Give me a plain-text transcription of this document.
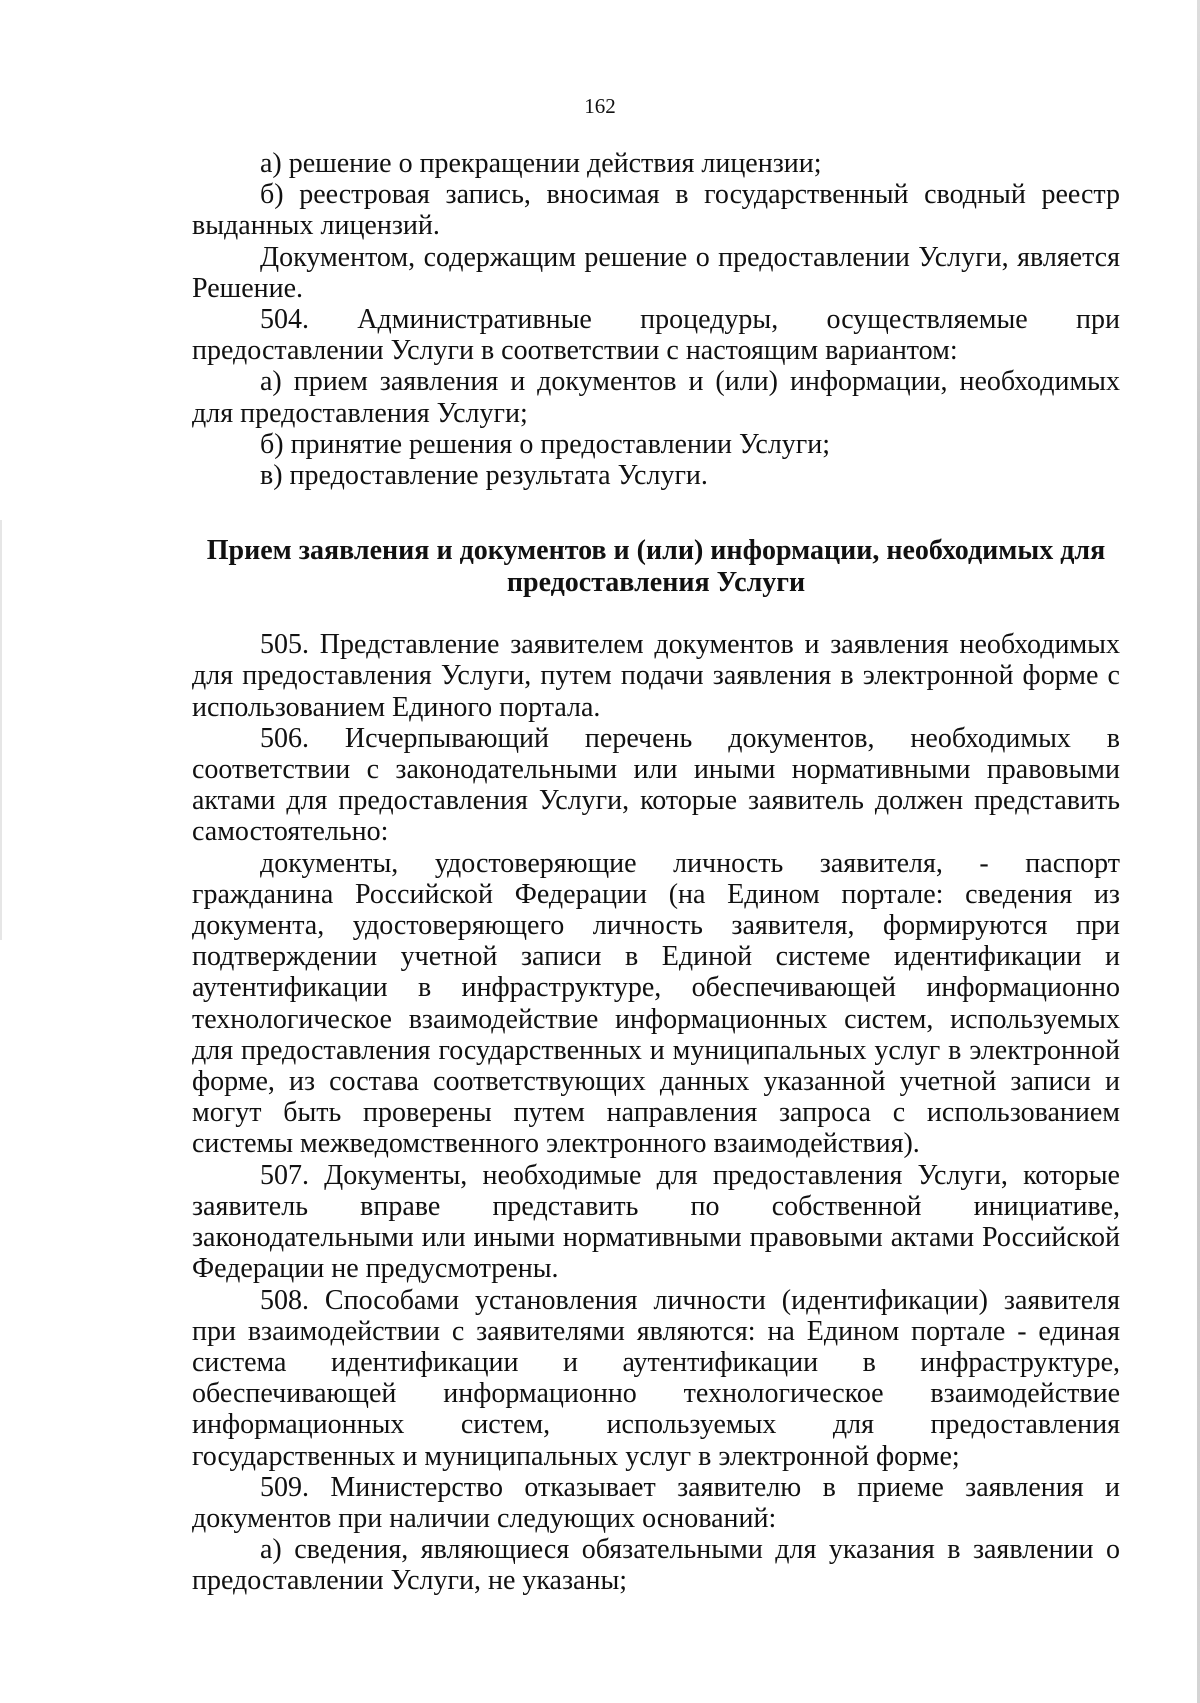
162

а) решение о прекращении действия лицензии;

б) реестровая запись, вносимая в государственный сводный реестр выданных лицензий.

Документом, содержащим решение о предоставлении Услуги, является Решение.

504. Административные процедуры, осуществляемые при предоставлении Услуги в соответствии с настоящим вариантом:

а) прием заявления и документов и (или) информации, необходимых для предоставления Услуги;

б) принятие решения о предоставлении Услуги;

в) предоставление результата Услуги.

Прием заявления и документов и (или) информации, необходимых для предоставления Услуги

505. Представление заявителем документов и заявления необходимых для предоставления Услуги, путем подачи заявления в электронной форме с использованием Единого портала.

506. Исчерпывающий перечень документов, необходимых в соответствии с законодательными или иными нормативными правовыми актами для предоставления Услуги, которые заявитель должен представить самостоятельно:

документы, удостоверяющие личность заявителя, - паспорт гражданина Российской Федерации (на Едином портале: сведения из документа, удостоверяющего личность заявителя, формируются при подтверждении учетной записи в Единой системе идентификации и аутентификации в инфраструктуре, обеспечивающей информационно технологическое взаимодействие информационных систем, используемых для предоставления государственных и муниципальных услуг в электронной форме, из состава соответствующих данных указанной учетной записи и могут быть проверены путем направления запроса с использованием системы межведомственного электронного взаимодействия).

507. Документы, необходимые для предоставления Услуги, которые заявитель вправе представить по собственной инициативе, законодательными или иными нормативными правовыми актами Российской Федерации не предусмотрены.

508. Способами установления личности (идентификации) заявителя при взаимодействии с заявителями являются: на Едином портале - единая система идентификации и аутентификации в инфраструктуре, обеспечивающей информационно технологическое взаимодействие информационных систем, используемых для предоставления государственных и муниципальных услуг в электронной форме;

509. Министерство отказывает заявителю в приеме заявления и документов при наличии следующих оснований:

а) сведения, являющиеся обязательными для указания в заявлении о предоставлении Услуги, не указаны;
